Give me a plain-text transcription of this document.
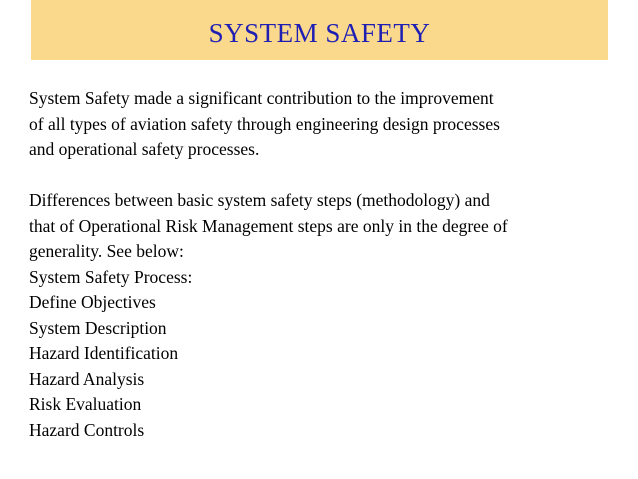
SYSTEM SAFETY

System Safety made a significant contribution to the improvement
of all types of aviation safety through engineering design processes
and operational safety processes.

Differences between basic system safety steps (methodology) and
that of Operational Risk Management steps are only in the degree of
generality. See below:

System Safety Process:
Define Objectives
System Description
Hazard Identification
Hazard Analysis
Risk Evaluation
Hazard Controls
